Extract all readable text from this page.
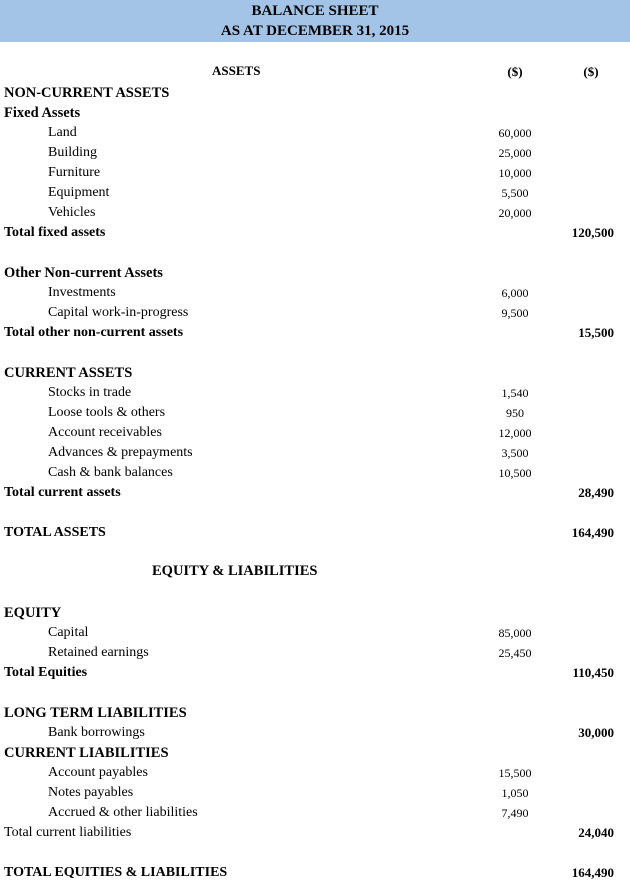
BALANCE SHEET
AS AT DECEMBER 31, 2015
ASSETS	($)	($)
EQUITY & LIABILITIES
NON-CURRENT ASSETS
Fixed Assets
Land	60,000
Building	25,000
Furniture	10,000
Equipment	5,500
Vehicles	20,000
Total fixed assets	120,500
Other Non-current Assets
Investments	6,000
Capital work-in-progress	9,500
Total other non-current assets	15,500
CURRENT ASSETS
Stocks in trade	1,540
Loose tools & others	950
Account receivables	12,000
Advances & prepayments	3,500
Cash & bank balances	10,500
Total current assets	28,490
TOTAL ASSETS	164,490
EQUITY
Capital	85,000
Retained earnings	25,450
Total Equities	110,450
LONG TERM LIABILITIES
Bank borrowings	30,000
CURRENT LIABILITIES
Account payables	15,500
Notes payables	1,050
Accrued & other liabilities	7,490
Total current liabilities	24,040
TOTAL EQUITIES & LIABILITIES	164,490
